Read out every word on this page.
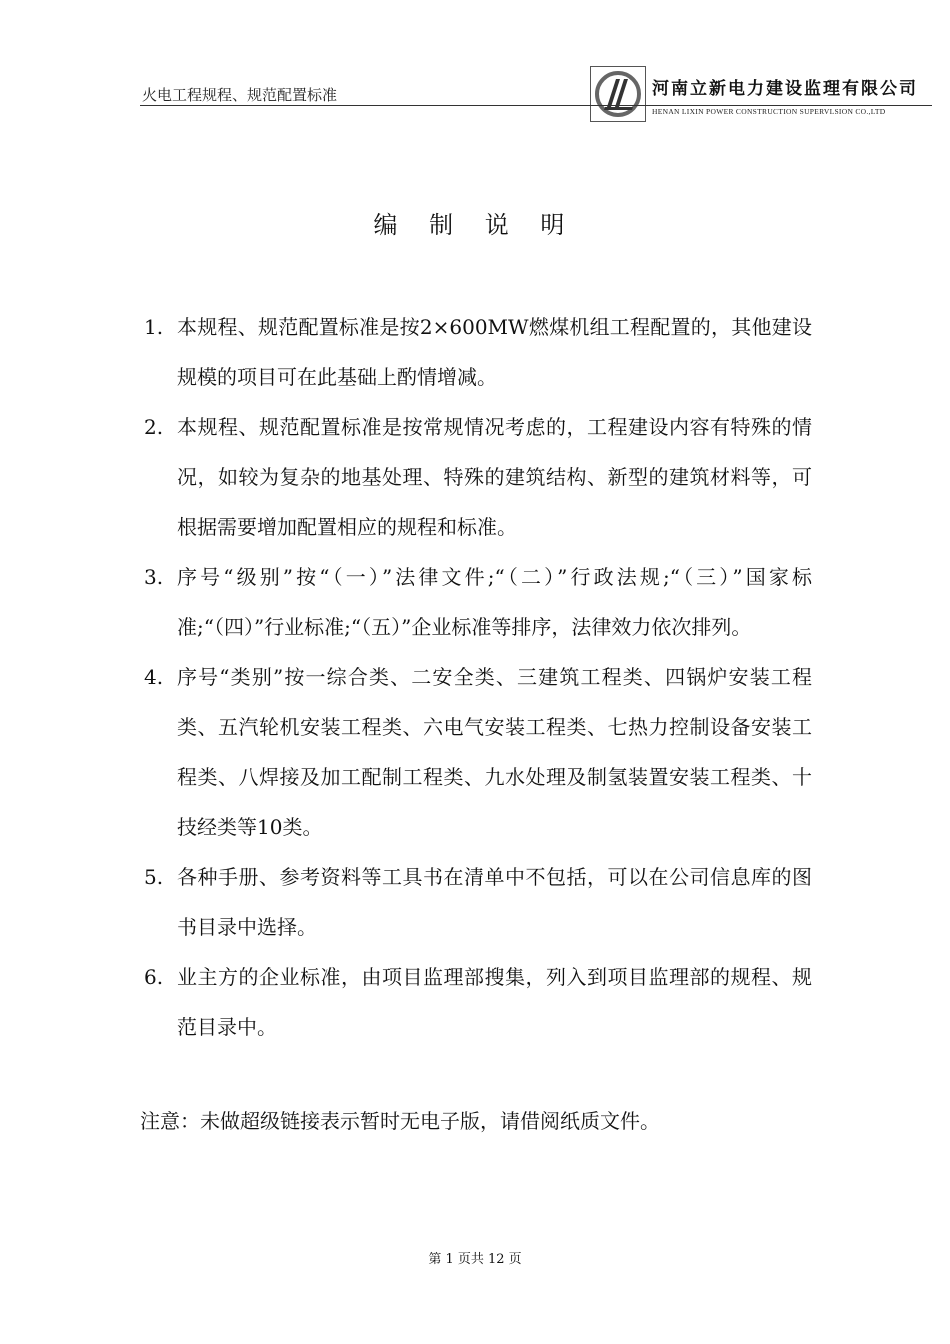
火电工程规程、规范配置标准	河南立新电力建设监理有限公司
HENAN LIXIN POWER CONSTRUCTION SUPERVLSION CO.,LTD
编 制 说 明
1. 本规程、规范配置标准是按2×600MW燃煤机组工程配置的，其他建设规模的项目可在此基础上酌情增减。
2. 本规程、规范配置标准是按常规情况考虑的，工程建设内容有特殊的情况，如较为复杂的地基处理、特殊的建筑结构、新型的建筑材料等，可根据需要增加配置相应的规程和标准。
3. 序号“级别”按“（一）”法律文件;“（二）”行政法规;“（三）”国家标准;“（四）”行业标准;“（五）”企业标准等排序，法律效力依次排列。
4. 序号“类别”按一综合类、二安全类、三建筑工程类、四锅炉安装工程类、五汽轮机安装工程类、六电气安装工程类、七热力控制设备安装工程类、八焊接及加工配制工程类、九水处理及制氢装置安装工程类、十技经类等10类。
5. 各种手册、参考资料等工具书在清单中不包括，可以在公司信息库的图书目录中选择。
6. 业主方的企业标准，由项目监理部搜集，列入到项目监理部的规程、规范目录中。
注意：未做超级链接表示暂时无电子版，请借阅纸质文件。
第 1 页共 12 页
